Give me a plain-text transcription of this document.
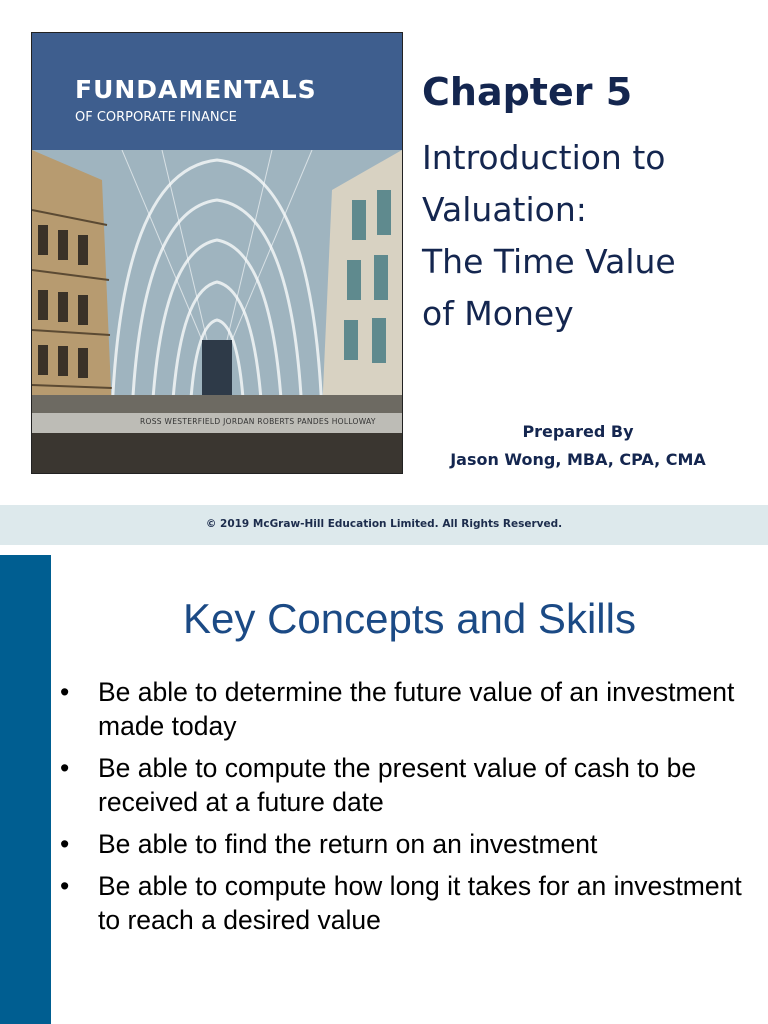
FUNDAMENTALS
OF CORPORATE FINANCE
ROSS WESTERFIELD JORDAN ROBERTS PANDES HOLLOWAY
Chapter 5
Introduction to
Valuation:
The Time Value
of Money
Prepared By
Jason Wong, MBA, CPA, CMA
© 2019 McGraw-Hill Education Limited. All Rights Reserved.
Key Concepts and Skills
• Be able to determine the future value of an investment made today
• Be able to compute the present value of cash to be received at a future date
• Be able to find the return on an investment
• Be able to compute how long it takes for an investment to reach a desired value
